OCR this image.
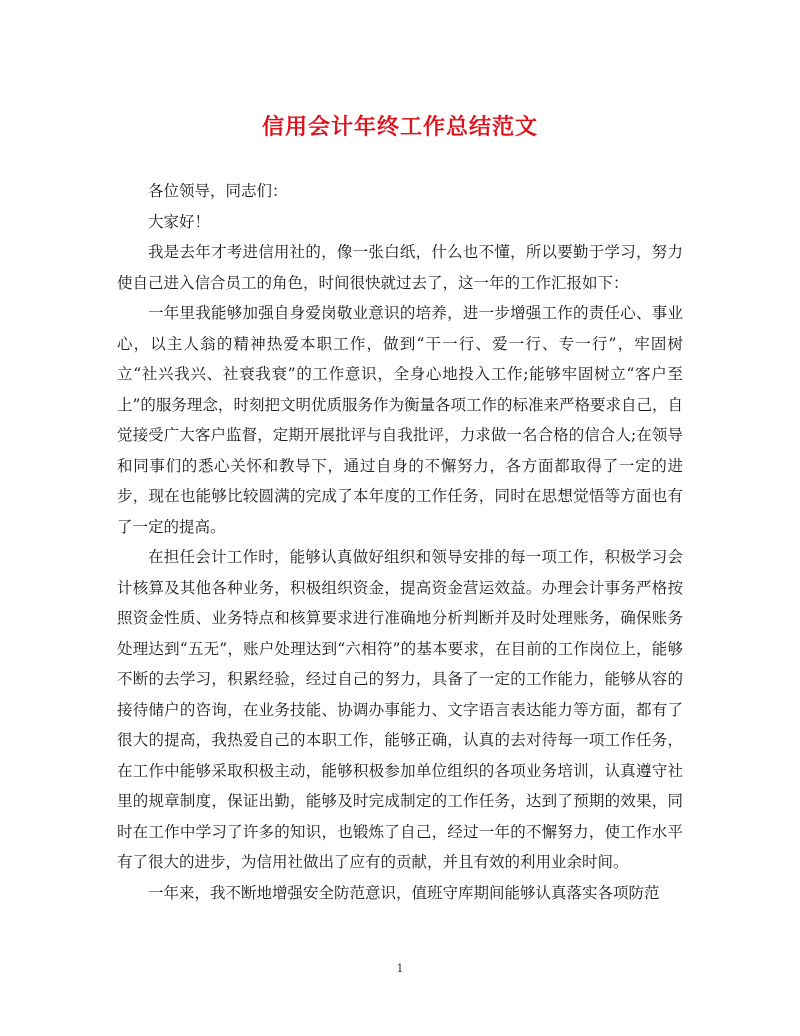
信用会计年终工作总结范文

各位领导，同志们：

大家好！

我是去年才考进信用社的，像一张白纸，什么也不懂，所以要勤于学习，努力使自己进入信合员工的角色，时间很快就过去了，这一年的工作汇报如下：

一年里我能够加强自身爱岗敬业意识的培养，进一步增强工作的责任心、事业心，以主人翁的精神热爱本职工作，做到“干一行、爱一行、专一行”，牢固树立“社兴我兴、社衰我衰”的工作意识，全身心地投入工作;能够牢固树立“客户至上”的服务理念，时刻把文明优质服务作为衡量各项工作的标准来严格要求自己，自觉接受广大客户监督，定期开展批评与自我批评，力求做一名合格的信合人;在领导和同事们的悉心关怀和教导下，通过自身的不懈努力，各方面都取得了一定的进步，现在也能够比较圆满的完成了本年度的工作任务，同时在思想觉悟等方面也有了一定的提高。

在担任会计工作时，能够认真做好组织和领导安排的每一项工作，积极学习会计核算及其他各种业务，积极组织资金，提高资金营运效益。办理会计事务严格按照资金性质、业务特点和核算要求进行准确地分析判断并及时处理账务，确保账务处理达到“五无”，账户处理达到“六相符”的基本要求，在目前的工作岗位上，能够不断的去学习，积累经验，经过自己的努力，具备了一定的工作能力，能够从容的接待储户的咨询，在业务技能、协调办事能力、文字语言表达能力等方面，都有了很大的提高，我热爱自己的本职工作，能够正确，认真的去对待每一项工作任务，在工作中能够采取积极主动，能够积极参加单位组织的各项业务培训，认真遵守社里的规章制度，保证出勤，能够及时完成制定的工作任务，达到了预期的效果，同时在工作中学习了许多的知识，也锻炼了自己，经过一年的不懈努力，使工作水平有了很大的进步，为信用社做出了应有的贡献，并且有效的利用业余时间。

一年来，我不断地增强安全防范意识，值班守库期间能够认真落实各项防范

1
